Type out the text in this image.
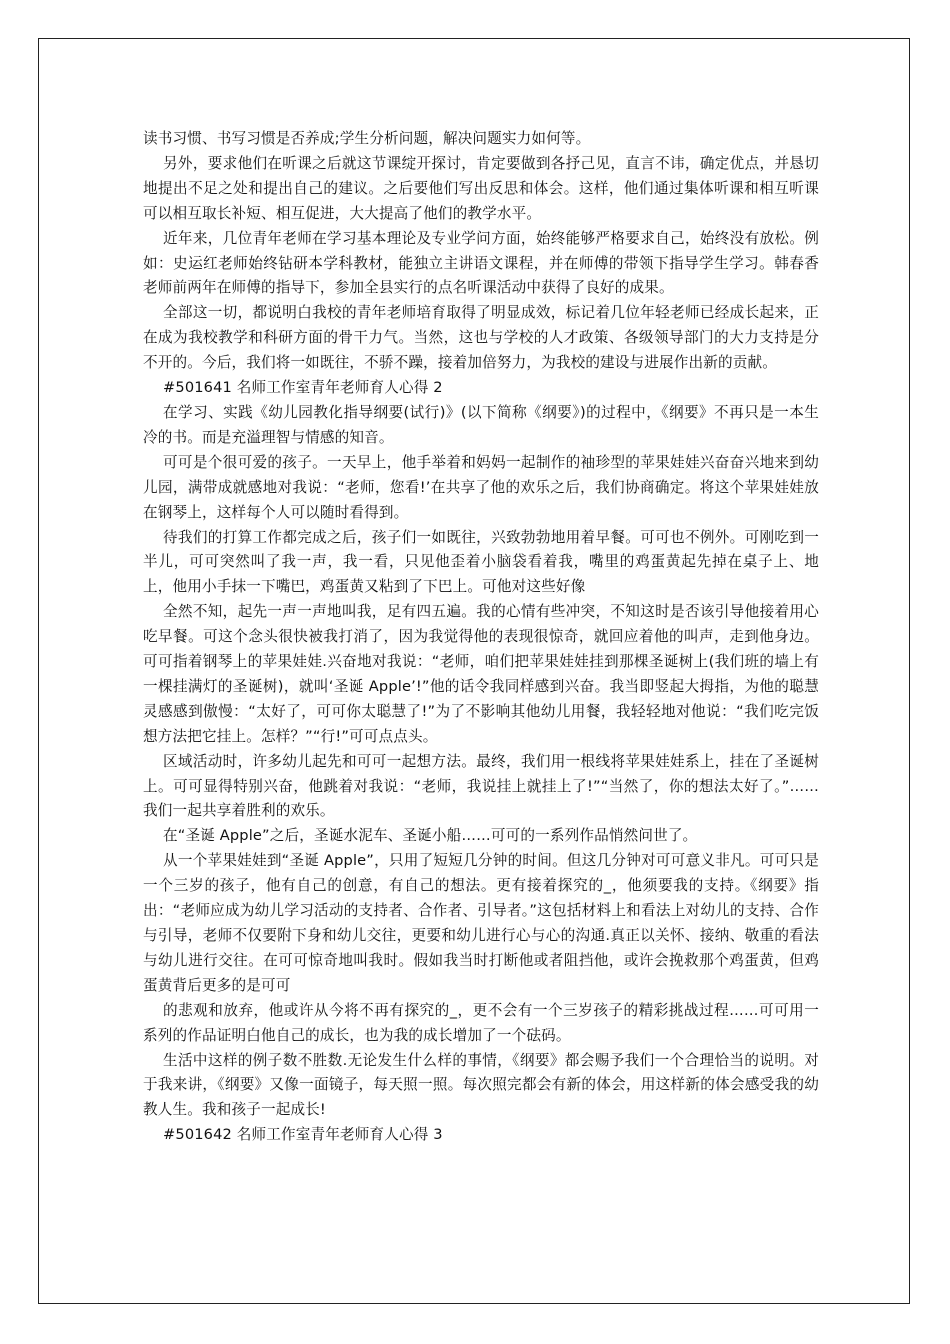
读书习惯、书写习惯是否养成;学生分析问题，解决问题实力如何等。

另外，要求他们在听课之后就这节课绽开探讨，肯定要做到各抒己见，直言不讳，确定优点，并恳切地提出不足之处和提出自己的建议。之后要他们写出反思和体会。这样，他们通过集体听课和相互听课可以相互取长补短、相互促进，大大提高了他们的教学水平。

近年来，几位青年老师在学习基本理论及专业学问方面，始终能够严格要求自己，始终没有放松。例如：史运红老师始终钻研本学科教材，能独立主讲语文课程，并在师傅的带领下指导学生学习。韩春香老师前两年在师傅的指导下，参加全县实行的点名听课活动中获得了良好的成果。

全部这一切，都说明白我校的青年老师培育取得了明显成效，标记着几位年轻老师已经成长起来，正在成为我校教学和科研方面的骨干力气。当然，这也与学校的人才政策、各级领导部门的大力支持是分不开的。今后，我们将一如既往，不骄不躁，接着加倍努力，为我校的建设与进展作出新的贡献。

#501641 名师工作室青年老师育人心得 2

在学习、实践《幼儿园教化指导纲要(试行)》(以下简称《纲要》)的过程中，《纲要》不再只是一本生冷的书。而是充溢理智与情感的知音。

可可是个很可爱的孩子。一天早上，他手举着和妈妈一起制作的袖珍型的苹果娃娃兴奋奋兴地来到幼儿园，满带成就感地对我说：“老师，您看!’在共享了他的欢乐之后，我们协商确定。将这个苹果娃娃放在钢琴上，这样每个人可以随时看得到。

待我们的打算工作都完成之后，孩子们一如既往，兴致勃勃地用着早餐。可可也不例外。可刚吃到一半儿，可可突然叫了我一声，我一看，只见他歪着小脑袋看着我，嘴里的鸡蛋黄起先掉在桌子上、地上，他用小手抹一下嘴巴，鸡蛋黄又粘到了下巴上。可他对这些好像

全然不知，起先一声一声地叫我，足有四五遍。我的心情有些冲突，不知这时是否该引导他接着用心吃早餐。可这个念头很快被我打消了，因为我觉得他的表现很惊奇，就回应着他的叫声，走到他身边。可可指着钢琴上的苹果娃娃.兴奋地对我说：“老师，咱们把苹果娃娃挂到那棵圣诞树上(我们班的墙上有一棵挂满灯的圣诞树)，就叫‘圣诞 Apple’!”他的话令我同样感到兴奋。我当即竖起大拇指，为他的聪慧灵感感到傲慢：“太好了，可可你太聪慧了!”为了不影响其他幼儿用餐，我轻轻地对他说：“我们吃完饭想方法把它挂上。怎样？”“行!”可可点点头。

区域活动时，许多幼儿起先和可可一起想方法。最终，我们用一根线将苹果娃娃系上，挂在了圣诞树上。可可显得特别兴奋，他跳着对我说：“老师，我说挂上就挂上了!”“当然了，你的想法太好了。”……我们一起共享着胜利的欢乐。

在“圣诞 Apple”之后，圣诞水泥车、圣诞小船……可可的一系列作品悄然问世了。

从一个苹果娃娃到“圣诞 Apple”，只用了短短几分钟的时间。但这几分钟对可可意义非凡。可可只是一个三岁的孩子，他有自己的创意，有自己的想法。更有接着探究的_，他须要我的支持。《纲要》指出：“老师应成为幼儿学习活动的支持者、合作者、引导者。”这包括材料上和看法上对幼儿的支持、合作与引导，老师不仅要附下身和幼儿交往，更要和幼儿进行心与心的沟通.真正以关怀、接纳、敬重的看法与幼儿进行交往。在可可惊奇地叫我时。假如我当时打断他或者阻挡他，或许会挽救那个鸡蛋黄，但鸡蛋黄背后更多的是可可

的悲观和放弃，他或许从今将不再有探究的_，更不会有一个三岁孩子的精彩挑战过程……可可用一系列的作品证明白他自己的成长，也为我的成长增加了一个砝码。

生活中这样的例子数不胜数.无论发生什么样的事情，《纲要》都会赐予我们一个合理恰当的说明。对于我来讲，《纲要》又像一面镜子，每天照一照。每次照完都会有新的体会，用这样新的体会感受我的幼教人生。我和孩子一起成长!

#501642 名师工作室青年老师育人心得 3
